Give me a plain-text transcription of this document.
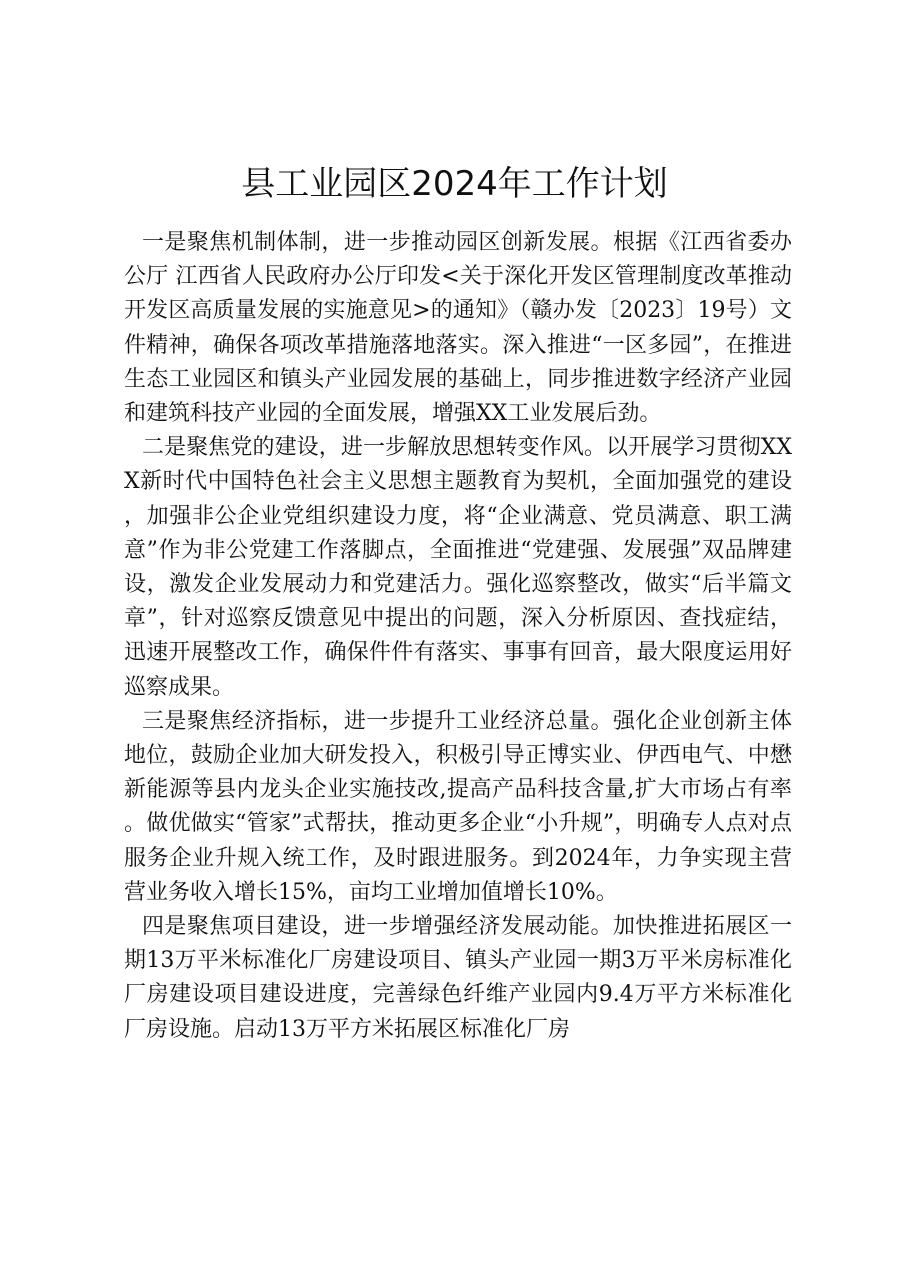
县工业园区2024年工作计划

一是聚焦机制体制，进一步推动园区创新发展。根据《江西省委办公厅 江西省人民政府办公厅印发<关于深化开发区管理制度改革推动开发区高质量发展的实施意见>的通知》（赣办发〔2023〕19号）文件精神，确保各项改革措施落地落实。深入推进“一区多园”，在推进生态工业园区和镇头产业园发展的基础上，同步推进数字经济产业园和建筑科技产业园的全面发展，增强XX工业发展后劲。

二是聚焦党的建设，进一步解放思想转变作风。以开展学习贯彻XXX新时代中国特色社会主义思想主题教育为契机，全面加强党的建设，加强非公企业党组织建设力度，将“企业满意、党员满意、职工满意”作为非公党建工作落脚点，全面推进“党建强、发展强”双品牌建设，激发企业发展动力和党建活力。强化巡察整改，做实“后半篇文章”，针对巡察反馈意见中提出的问题，深入分析原因、查找症结，迅速开展整改工作，确保件件有落实、事事有回音，最大限度运用好巡察成果。

三是聚焦经济指标，进一步提升工业经济总量。强化企业创新主体地位，鼓励企业加大研发投入，积极引导正博实业、伊西电气、中懋新能源等县内龙头企业实施技改,提高产品科技含量,扩大市场占有率。做优做实“管家”式帮扶，推动更多企业“小升规”，明确专人点对点服务企业升规入统工作，及时跟进服务。到2024年，力争实现主营营业务收入增长15%，亩均工业增加值增长10%。

四是聚焦项目建设，进一步增强经济发展动能。加快推进拓展区一期13万平米标准化厂房建设项目、镇头产业园一期3万平米房标准化厂房建设项目建设进度，完善绿色纤维产业园内9.4万平方米标准化厂房设施。启动13万平方米拓展区标准化厂房
